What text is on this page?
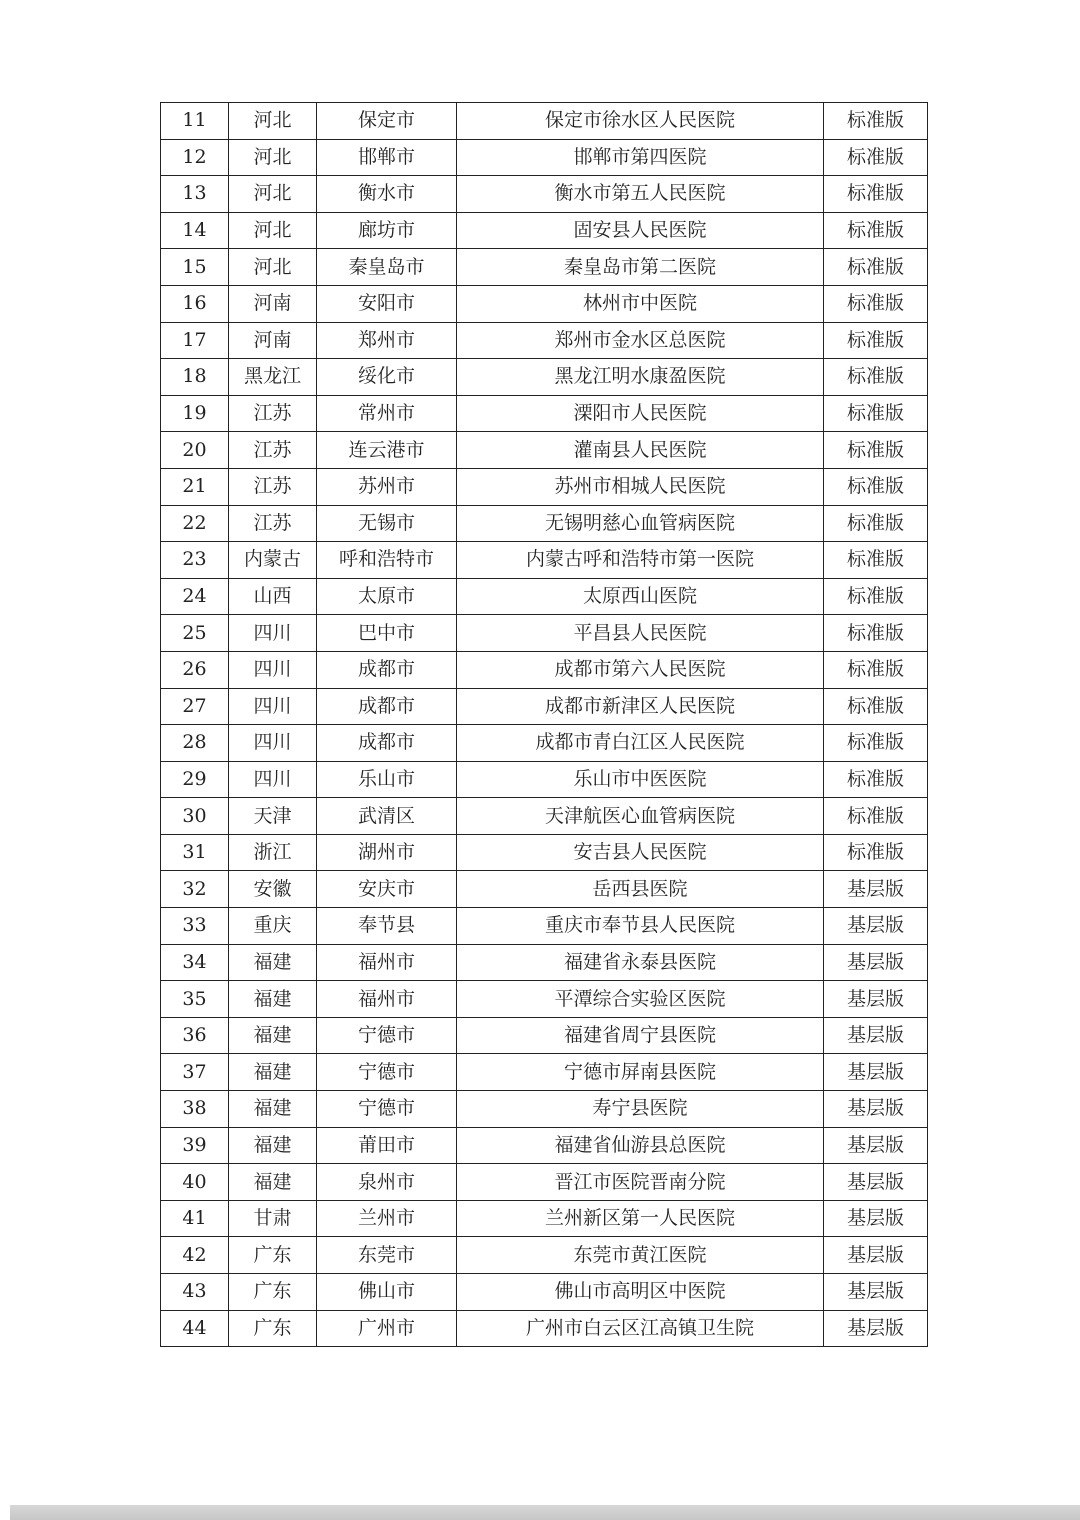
11	河北	保定市	保定市徐水区人民医院	标准版
12	河北	邯郸市	邯郸市第四医院	标准版
13	河北	衡水市	衡水市第五人民医院	标准版
14	河北	廊坊市	固安县人民医院	标准版
15	河北	秦皇岛市	秦皇岛市第二医院	标准版
16	河南	安阳市	林州市中医院	标准版
17	河南	郑州市	郑州市金水区总医院	标准版
18	黑龙江	绥化市	黑龙江明水康盈医院	标准版
19	江苏	常州市	溧阳市人民医院	标准版
20	江苏	连云港市	灌南县人民医院	标准版
21	江苏	苏州市	苏州市相城人民医院	标准版
22	江苏	无锡市	无锡明慈心血管病医院	标准版
23	内蒙古	呼和浩特市	内蒙古呼和浩特市第一医院	标准版
24	山西	太原市	太原西山医院	标准版
25	四川	巴中市	平昌县人民医院	标准版
26	四川	成都市	成都市第六人民医院	标准版
27	四川	成都市	成都市新津区人民医院	标准版
28	四川	成都市	成都市青白江区人民医院	标准版
29	四川	乐山市	乐山市中医医院	标准版
30	天津	武清区	天津航医心血管病医院	标准版
31	浙江	湖州市	安吉县人民医院	标准版
32	安徽	安庆市	岳西县医院	基层版
33	重庆	奉节县	重庆市奉节县人民医院	基层版
34	福建	福州市	福建省永泰县医院	基层版
35	福建	福州市	平潭综合实验区医院	基层版
36	福建	宁德市	福建省周宁县医院	基层版
37	福建	宁德市	宁德市屏南县医院	基层版
38	福建	宁德市	寿宁县医院	基层版
39	福建	莆田市	福建省仙游县总医院	基层版
40	福建	泉州市	晋江市医院晋南分院	基层版
41	甘肃	兰州市	兰州新区第一人民医院	基层版
42	广东	东莞市	东莞市黄江医院	基层版
43	广东	佛山市	佛山市高明区中医院	基层版
44	广东	广州市	广州市白云区江高镇卫生院	基层版
